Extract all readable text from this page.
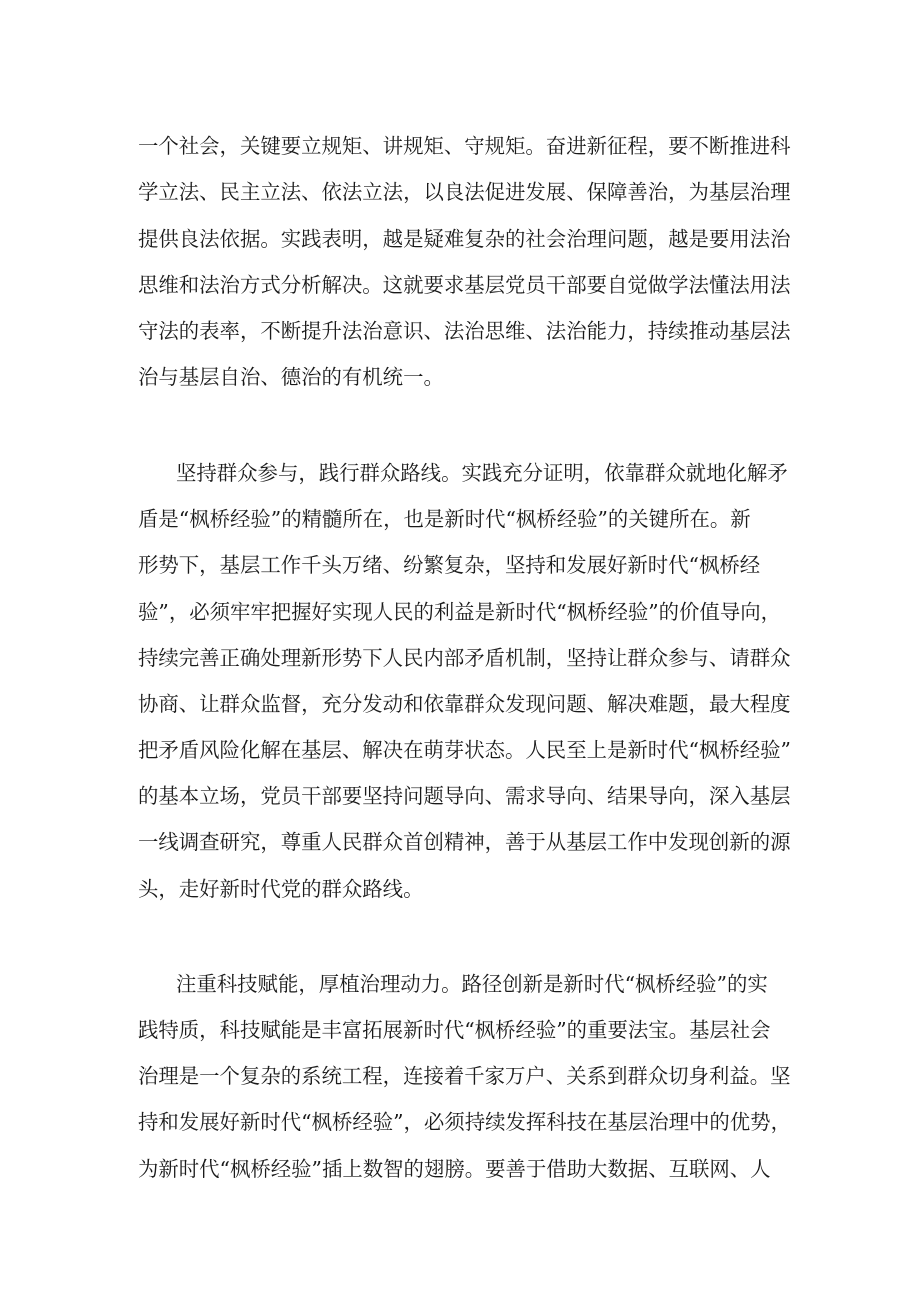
一个社会，关键要立规矩、讲规矩、守规矩。奋进新征程，要不断推进科
学立法、民主立法、依法立法，以良法促进发展、保障善治，为基层治理
提供良法依据。实践表明，越是疑难复杂的社会治理问题，越是要用法治
思维和法治方式分析解决。这就要求基层党员干部要自觉做学法懂法用法
守法的表率，不断提升法治意识、法治思维、法治能力，持续推动基层法
治与基层自治、德治的有机统一。
坚持群众参与，践行群众路线。实践充分证明，依靠群众就地化解矛
盾是“枫桥经验”的精髓所在，也是新时代“枫桥经验”的关键所在。新
形势下，基层工作千头万绪、纷繁复杂，坚持和发展好新时代“枫桥经
验”，必须牢牢把握好实现人民的利益是新时代“枫桥经验”的价值导向，
持续完善正确处理新形势下人民内部矛盾机制，坚持让群众参与、请群众
协商、让群众监督，充分发动和依靠群众发现问题、解决难题，最大程度
把矛盾风险化解在基层、解决在萌芽状态。人民至上是新时代“枫桥经验”
的基本立场，党员干部要坚持问题导向、需求导向、结果导向，深入基层
一线调查研究，尊重人民群众首创精神，善于从基层工作中发现创新的源
头，走好新时代党的群众路线。
注重科技赋能，厚植治理动力。路径创新是新时代“枫桥经验”的实
践特质，科技赋能是丰富拓展新时代“枫桥经验”的重要法宝。基层社会
治理是一个复杂的系统工程，连接着千家万户、关系到群众切身利益。坚
持和发展好新时代“枫桥经验”，必须持续发挥科技在基层治理中的优势，
为新时代“枫桥经验”插上数智的翅膀。要善于借助大数据、互联网、人
